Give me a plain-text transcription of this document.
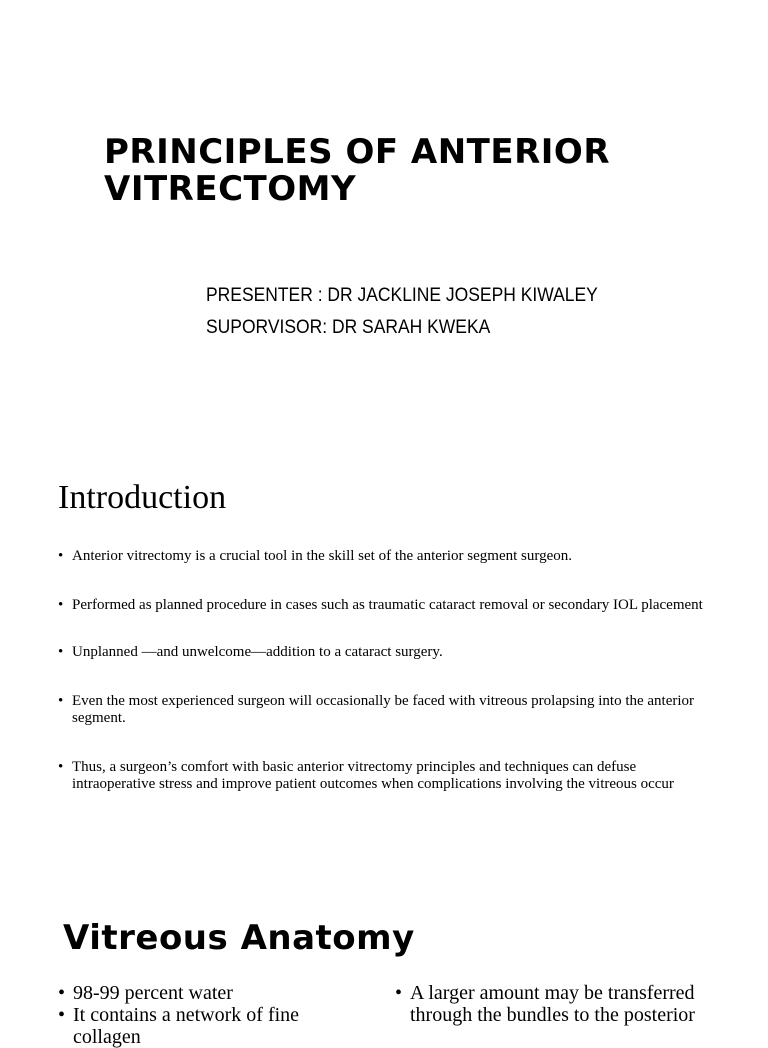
PRINCIPLES OF ANTERIOR
VITRECTOMY
PRESENTER : DR JACKLINE JOSEPH KIWALEY
SUPORVISOR: DR SARAH KWEKA
Introduction
• Anterior vitrectomy is a crucial tool in the skill set of the anterior segment surgeon.
• Performed as planned procedure in cases such as traumatic cataract removal or secondary IOL placement
• Unplanned —and unwelcome—addition to a cataract surgery.
• Even the most experienced surgeon will occasionally be faced with vitreous prolapsing into the anterior segment.
• Thus, a surgeon’s comfort with basic anterior vitrectomy principles and techniques can defuse intraoperative stress and improve patient outcomes when complications involving the vitreous occur
Vitreous Anatomy
• 98-99 percent water
• It contains a network of fine collagen
• A larger amount may be transferred through the bundles to the posterior
